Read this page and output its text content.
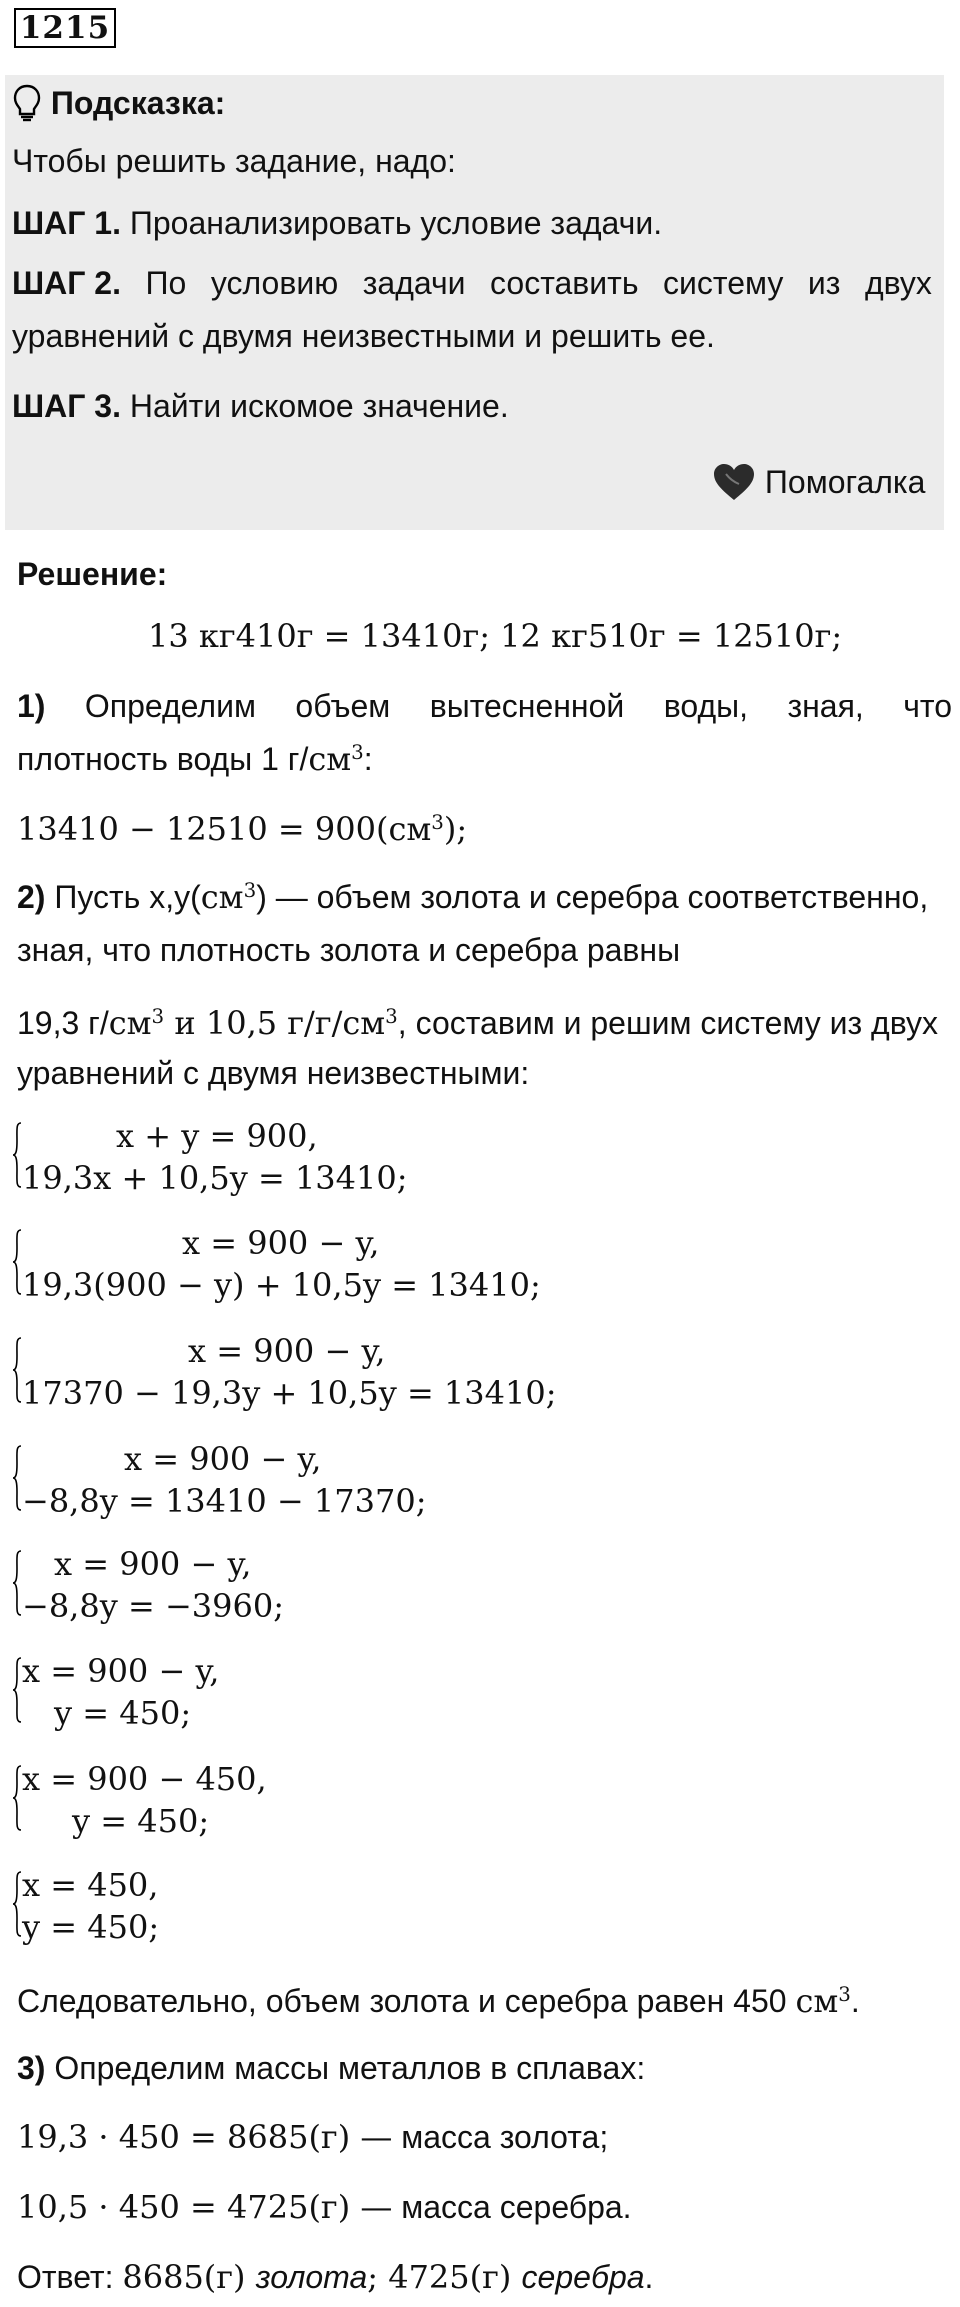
1215
Подсказка:
Чтобы решить задание, надо:
ШАГ 1. Проанализировать условие задачи.
ШАГ 2. По условию задачи составить систему из двух
уравнений с двумя неизвестными и решить ее.
ШАГ 3. Найти искомое значение.
Помогалка
Решение:
13 кг410г = 13410г; 12 кг510г = 12510г;
1) Определим объем вытесненной воды, зная, что
плотность воды 1 $г/см^3$:
$13410 - 12510 = 900(см^3)$;
2) Пусть $x,y(см^3)$ — объем золота и серебра соответственно,
зная, что плотность золота и серебра равны
19,3 $г/см^3$ и 10,5 $г/г/см^3$, составим и решим систему из двух
уравнений с двумя неизвестными:
x + y = 900,
19,3x + 10,5y = 13410;
x = 900 − y,
19,3(900 − y) + 10,5y = 13410;
x = 900 − y,
17370 − 19,3y + 10,5y = 13410;
x = 900 − y,
−8,8y = 13410 − 17370;
x = 900 − y,
−8,8y = −3960;
x = 900 − y,
y = 450;
x = 900 − 450,
y = 450;
x = 450,
y = 450;
Следовательно, объем золота и серебра равен 450 $см^3$.
3) Определим массы металлов в сплавах:
19,3 · 450 = 8685(г) — масса золота;
10,5 · 450 = 4725(г) — масса серебра.
Ответ: 8685(г) золота; 4725(г) серебра.
